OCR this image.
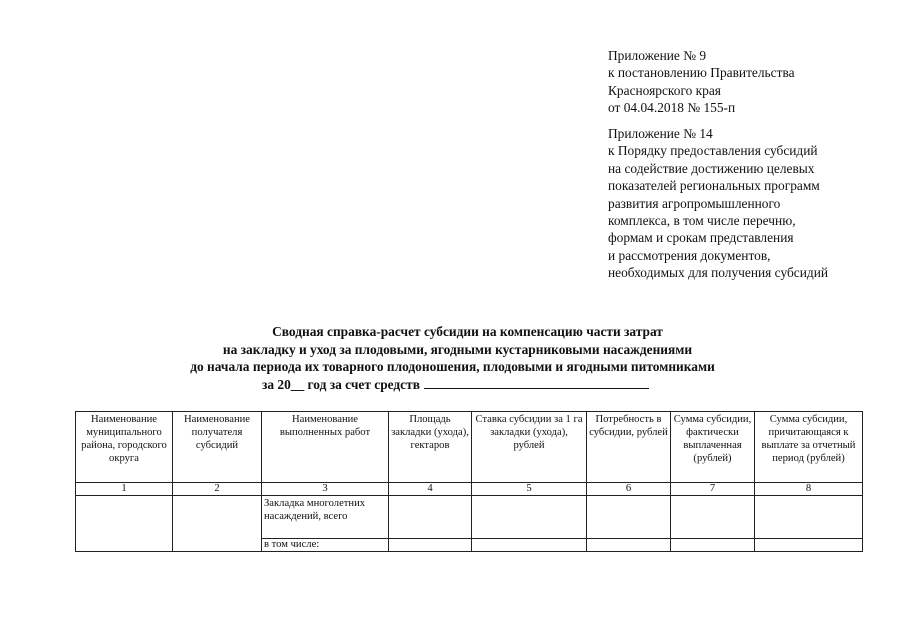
Приложение № 9
к постановлению Правительства
Красноярского края
от 04.04.2018 № 155-п
Приложение № 14
к Порядку предоставления субсидий
на содействие достижению целевых
показателей региональных программ
развития агропромышленного
комплекса, в том числе перечню,
формам и срокам представления
и рассмотрения документов,
необходимых для получения субсидий
Сводная справка-расчет субсидии на компенсацию части затрат
на закладку и уход за плодовыми, ягодными кустарниковыми насаждениями
до начала периода их товарного плодоношения, плодовыми и ягодными питомниками
за 20__ год за счет средств
Наименование муниципального района, городского округа	Наименование получателя субсидий	Наименование выполненных работ	Площадь закладки (ухода), гектаров	Ставка субсидии за 1 га закладки (ухода), рублей	Потребность в субсидии, рублей	Сумма субсидии, фактически выплаченная (рублей)	Сумма субсидии, причитающаяся к выплате за отчетный период (рублей)
1	2	3	4	5	6	7	8
		Закладка многолетних насаждений, всего					
		в том числе:					
